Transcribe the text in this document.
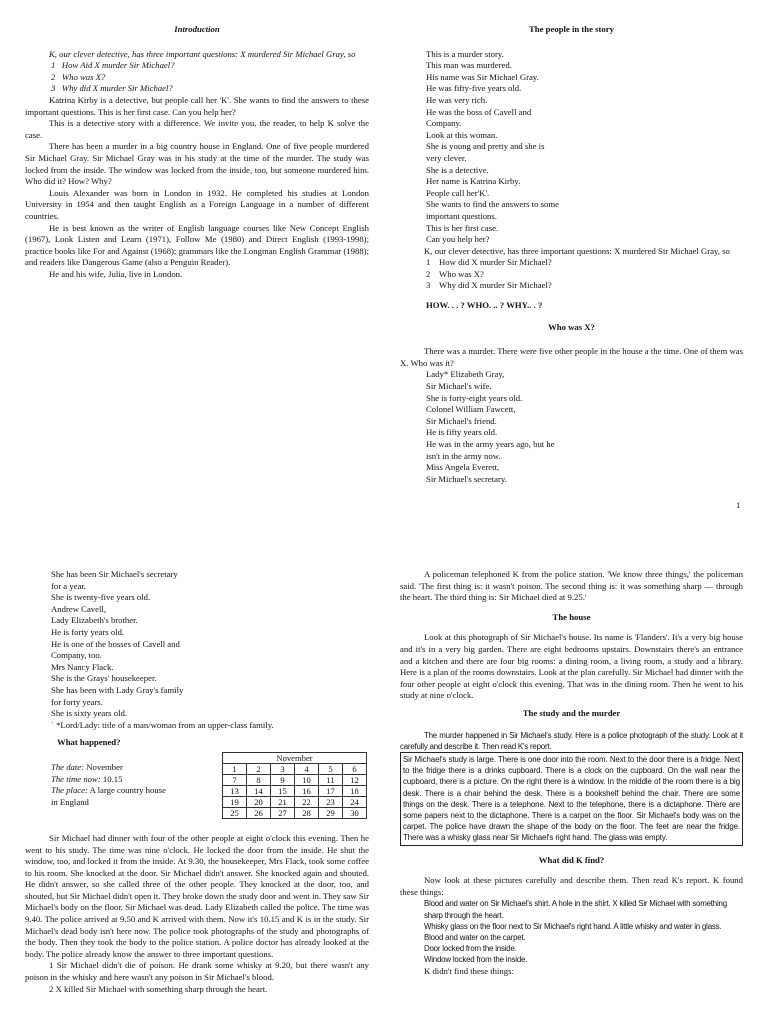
Introduction

K, our clever detective, has three important questions: X murdered Sir Michael Gray, so

1   How Aid X murder Sir Michael?
2   Who was X?
3   Why did X murder Sir Michael?

Katrina Kirby is a detective, but people call her 'K'. She wants to find the answers to these important questions. This is her first case. Can you help her?

This is a detective story with a difference. We invite you, the reader, to help K solve the case.

There has been a murder in a big country house in England. One of five people murdered Sir Michael Gray. Sir Michael Gray was in his study at the time of the murder. The study was locked from the inside. The window was locked from the inside, too, but someone murdered him. Who did it? How? Why?

Louis Alexander was born in London in 1932. He completed his studies at London University in 1954 and then taught English as a Foreign Language in a number of different countries.

He is best known as the writer of English language courses like New Concept English (1967), Look Listen and Learn (1971), Follow Me (1980) and Direct English (1993-1998); practice books like For and Against (1968); grammars like the Longman English Grammar (1988); and readers like Dangerous Game (also a Penguin Reader).

He and his wife, Julia, live in London.

The people in the story
This is a murder story.
This man was murdered.
His name was Sir Michael Gray.
He was fifty-five years old.
He was very rich.
He was the boss of Cavell and
Company.
Look at this woman.
She is young and pretty and she is
very clever.
She is a detective.
Her name is Katrina Kirby.
People call her'K'.
She wants to find the answers to some
important questions.
This is her first case.
Can you help her?

K, our clever detective, has three important questions: X murdered Sir Michael Gray, so

1    How did X murder Sir Michael?
2    Who was X?
3    Why did X murder Sir Michael?
HOW. . . ? WHO. .. ? WHY.. . ?
Who was X?

There was a murder. There were five other people in the house a the time. One of them was X. Who was it?

Lady* Elizabeth Gray,
Sir Michael's wife.
She is forty-eight years old.
Colonel William Fawcett,
Sir Michael's friend.
He is fifty years old.
He was in the army years ago, but he
isn't in the army now.
Miss Angela Everett,
Sir Michael's secretary.
1
She has been Sir Michael's secretary
for a year.
She is twenty-five years old.
Andrew Cavell,
Lady Elizabeth's brother.
He is forty years old.
He is one of the bosses of Cavell and
Company, too.
Mrs Nancy Flack.
She is the Grays' housekeeper.
She has been with Lady Gray's family
for forty years.
She is sixty years old.
` *Lord/Lady: title of a man/woman from an upper-class family.
What happened?
The date: November
The time now: 10.15
The place: A large country house
in England
November					
1	2	3	4	5	6
7	8	9	10	11	12
13	14	15	16	17	18
19	20	21	22	23	24
25	26	27	28	29	30

Sir Michael had dinner with four of the other people at eight o'clock this evening. Then he went to his study. The time was nine o'clock. He locked the door from the inside. He shut the window, too, and locked it from the inside. At 9.30, the housekeeper, Mrs Flack, took some coffee to his room. She knocked at the door. Sir Michael didn't answer. She knocked again and shouted. He didn't answer, so she called three of the other people. They knocked at the door, too, and shouted, but Sir Michael didn't open it. They broke down the study door and went in. They saw Sir Michael's body on the floor. Sir Michael was dead. Lady Elizabeth called the police. The time was 9.40. The police arrived at 9.50 and K arrived with them. Now it's 10.15 and K is in the study. Sir Michael's dead body isn't here now. The police took photographs of the study and photographs of the body. Then they took the body to the police station. A police doctor has already looked at the body. The police already know the answer to three important questions.

1 Sir Michael didn't die of poison. He drank some whisky at 9.20, but there wasn't any poison in the whisky and here wasn't any poison in Sir Michael's blood.

2 X killed Sir Michael with something sharp through the heart.

A policeman telephoned K from the police station. 'We know three things,' the policeman said. 'The first thing is: it wasn't poison. The second thing is: it was something sharp — through the heart. The third thing is: Sir Michael died at 9.25.'

The house

Look at this photograph of Sir Michael's house. Its name is 'Flanders'. It's a very big house and it's in a very big garden. There are eight bedrooms upstairs. Downstairs there's an entrance and a kitchen and there are four big rooms: a dining room, a living room, a study and a library. Here is a plan of the rooms downstairs. Look at the plan carefully. Sir Michael had dinner with the four other people at eight o'clock this evening. That was in the dining room. Then he went to his study at nine o'clock.

The study and the murder

The murder happened in Sir Michael's study. Here is a police photograph of the study. Look at it carefully and describe it. Then read K's report.

Sir Michael's study is large. There is one door into the room. Next to the door there is a fridge. Next to the fridge there is a drinks cupboard. There is a clock on the cupboard. On the wall near the cupboard, there is a picture. On the right there is a window. In the middle of the room there is a big desk. There is a chair behind the desk. There is a bookshelf behind the chair. There are some things on the desk. There is a telephone. Next to the telephone, there is a dictaphone. There are some papers next to the dictaphone. There is a carpet on the floor. Sir Michael's body was on the carpet. The police have drawn the shape of the body on the floor. The feet are near the fridge. There was a whisky glass near Sir Michael's right hand. The glass was empty.
What did K find?

Now look at these pictures carefully and describe them. Then read K's report. K found these things:

Blood and water on Sir Michael's shirt. A hole in the shirt. X killed Sir Michael with something sharp through the heart.
Whisky glass on the floor next to Sir Michael's right hand. A little whisky and water in glass.
Blood and water on the carpet.
Door locked from the inside.
Window locked from the inside.
K didn't find these things:
